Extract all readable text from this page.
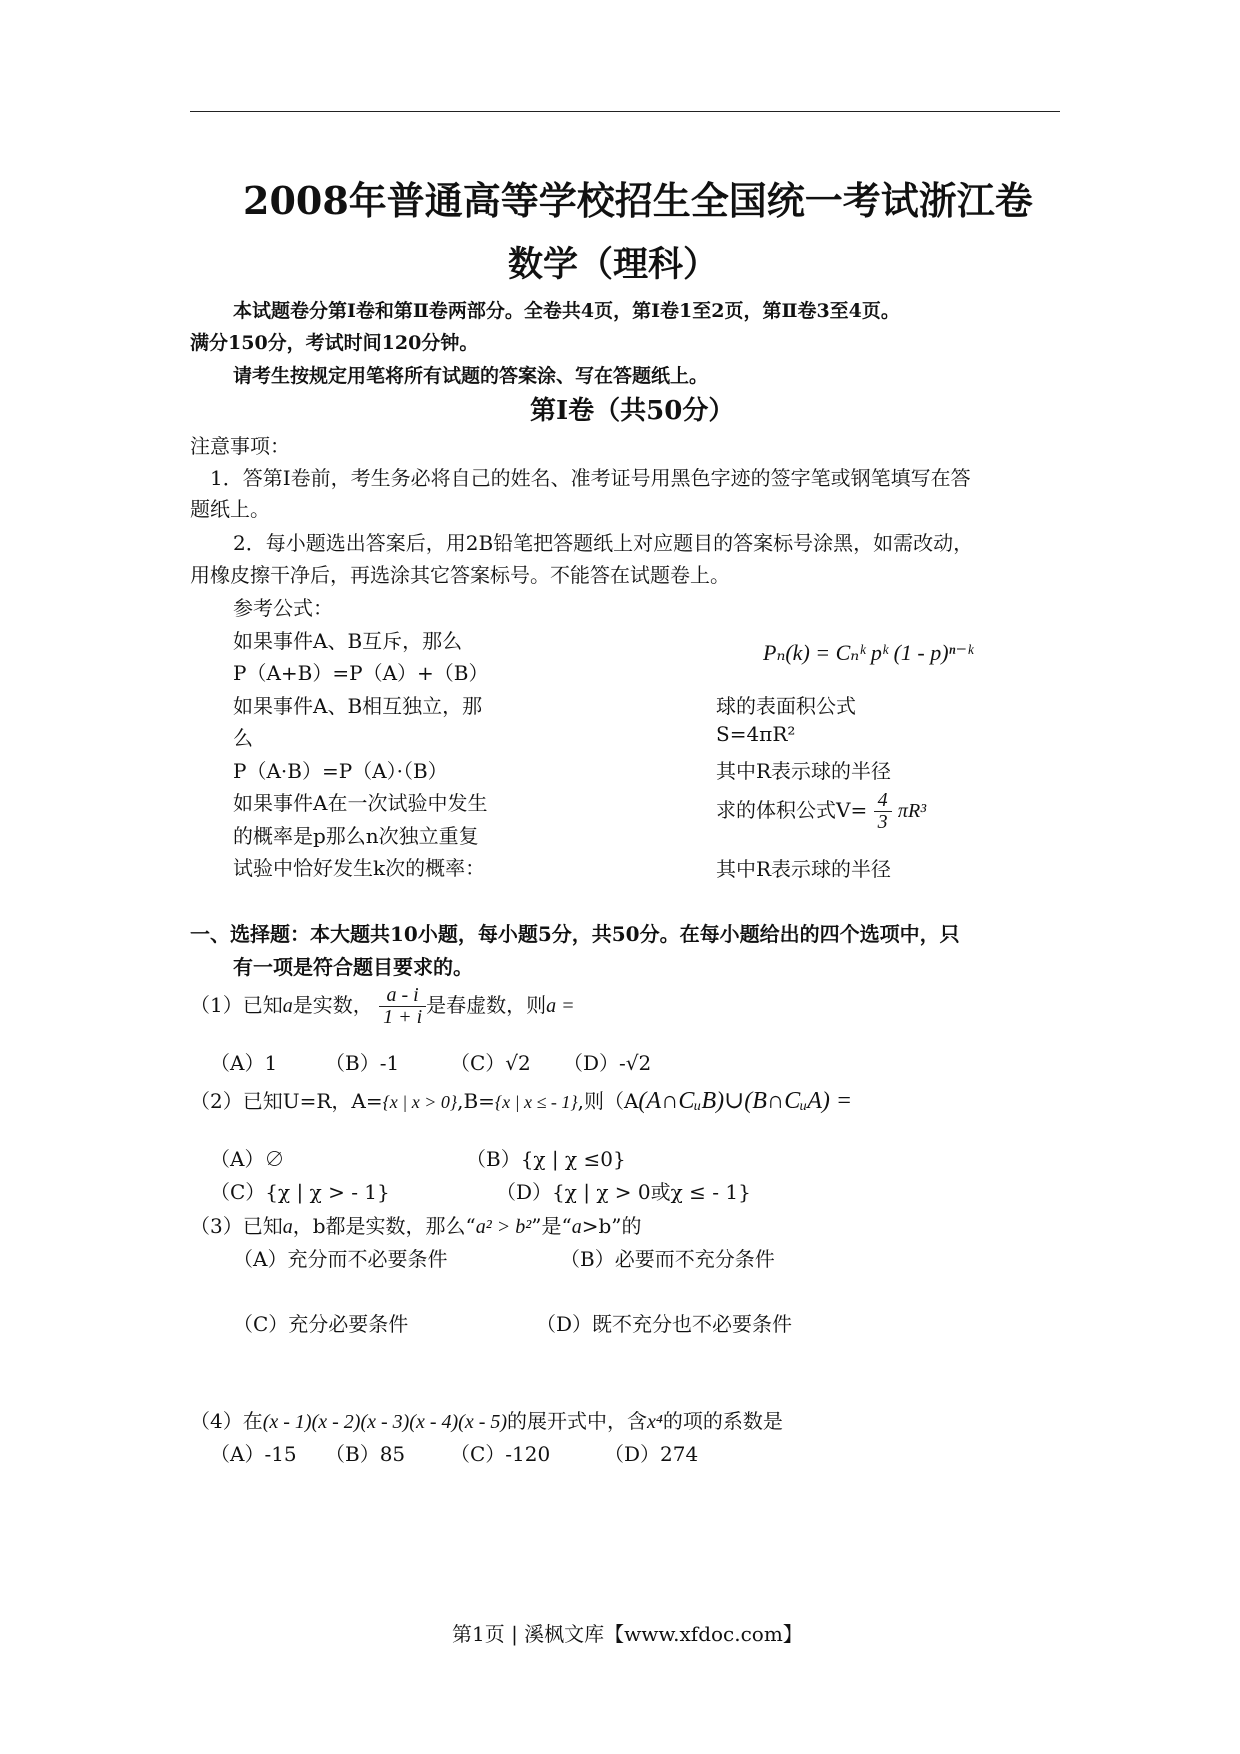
2008年普通高等学校招生全国统一考试浙江卷
数学（理科）
本试题卷分第Ⅰ卷和第Ⅱ卷两部分。全卷共4页，第Ⅰ卷1至2页，第Ⅱ卷3至4页。
满分150分，考试时间120分钟。
请考生按规定用笔将所有试题的答案涂、写在答题纸上。
第Ⅰ卷（共50分）
注意事项：
1．答第Ⅰ卷前，考生务必将自己的姓名、准考证号用黑色字迹的签字笔或钢笔填写在答
题纸上。
2．每小题选出答案后，用2B铅笔把答题纸上对应题目的答案标号涂黑，如需改动，
用橡皮擦干净后，再选涂其它答案标号。不能答在试题卷上。
参考公式：
如果事件A、B互斥，那么
P（A+B）=P（A）+（B）
如果事件A、B相互独立，那
么
P（A·B）=P（A）·（B）
如果事件A在一次试验中发生
的概率是p那么n次独立重复
试验中恰好发生k次的概率：
Pₙ(k) = Cₙᵏ pᵏ (1 - p)ⁿ⁻ᵏ
球的表面积公式
S=4πR²
其中R表示球的半径
求的体积公式$V= \frac{4}{3} \pi R^3$
其中R表示球的半径
一、选择题：本大题共10小题，每小题5分，共50分。在每小题给出的四个选项中，只
有一项是符合题目要求的。
（1）已知a是实数， $\frac{a - i}{1 + i}$ 是春虚数，则a =
（A）1 （B）-1	（C）√2 （D）-√2
（2）已知U=R，A={x | x > 0},B={x | x ≤ - 1},则（A(A∩CᵤB)∪(B∩CᵤA) =
（A）∅	（B）{χ | χ ≤0}
（C）{χ | χ > - 1}	（D）{χ | χ > 0或χ ≤ - 1}
（3）已知a，b都是实数，那么“a² > b²”是“a>b”的
（A）充分而不必要条件	（B）必要而不充分条件
（C）充分必要条件	（D）既不充分也不必要条件
（4）在(x - 1)(x - 2)(x - 3)(x - 4)(x - 5)的展开式中，含x⁴的项的系数是
（A）-15 （B）85 （C）-120	（D）274
第1页 | 溪枫文库【www.xfdoc.com】
